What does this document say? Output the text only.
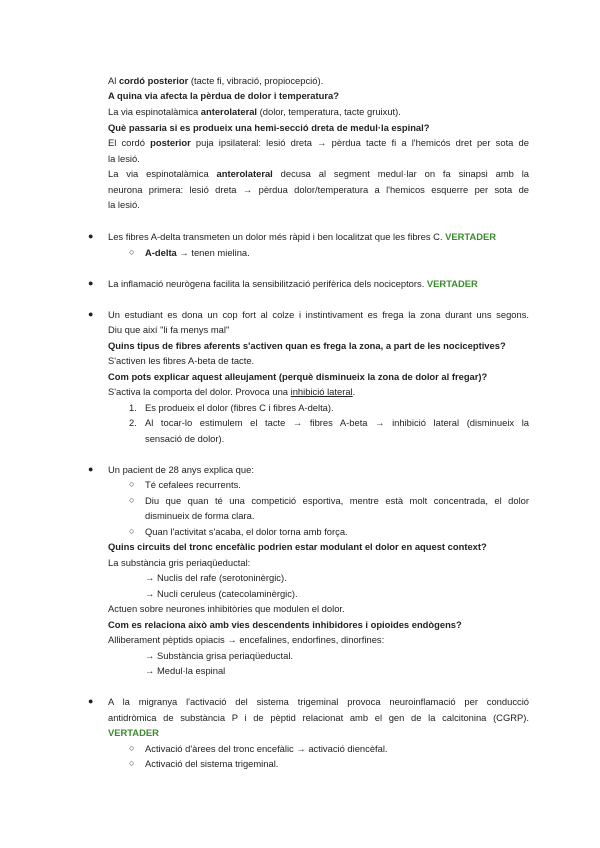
Al cordó posterior (tacte fi, vibració, propiocepció).
A quina via afecta la pèrdua de dolor i temperatura?
La via espinotalàmica anterolateral (dolor, temperatura, tacte gruixut).
Què passaria si es produeix una hemi-secció dreta de medul·la espinal?
El cordó posterior puja ipsilateral: lesió dreta → pèrdua tacte fi a l'hemicós dret per sota de
la lesió.
La via espinotalàmica anterolateral decusa al segment medul·lar on fa sinapsi amb la
neurona primera: lesió dreta → pèrdua dolor/temperatura a l'hemicos esquerre per sota de
la lesió.
● Les fibres A-delta transmeten un dolor més ràpid i ben localitzat que les fibres C. VERTADER
○ A-delta → tenen mielina.
● La inflamació neurògena facilita la sensibilització perifèrica dels nociceptors. VERTADER
● Un estudiant es dona un cop fort al colze i instintivament es frega la zona durant uns segons.
Diu que així "li fa menys mal"
Quins tipus de fibres aferents s'activen quan es frega la zona, a part de les nociceptives?
S'activen les fibres A-beta de tacte.
Com pots explicar aquest alleujament (perquè disminueix la zona de dolor al fregar)?
S'activa la comporta del dolor. Provoca una inhibició lateral.
1. Es produeix el dolor (fibres C i fibres A-delta).
2. Al tocar-lo estimulem el tacte → fibres A-beta → inhibició lateral (disminueix la
sensació de dolor).
● Un pacient de 28 anys explica que:
○ Té cefalees recurrents.
○ Diu que quan té una competició esportiva, mentre està molt concentrada, el dolor
disminueix de forma clara.
○ Quan l'activitat s'acaba, el dolor torna amb força.
Quins circuits del tronc encefàlic podrien estar modulant el dolor en aquest context?
La substància gris periaqüeductal:
→ Nuclis del rafe (serotoninèrgic).
→ Nucli ceruleus (catecolaminèrgic).
Actuen sobre neurones inhibitòries que modulen el dolor.
Com es relaciona això amb vies descendents inhibidores i opioides endògens?
Alliberament pèptids opiacis → encefalines, endorfines, dinorfines:
→ Substància grisa periaqüeductal.
→ Medul·la espinal
● A la migranya l'activació del sistema trigeminal provoca neuroinflamació per conducció
antidròmica de substància P i de pèptid relacionat amb el gen de la calcitonina (CGRP).
VERTADER
○ Activació d'àrees del tronc encefàlic → activació diencèfal.
○ Activació del sistema trigeminal.
